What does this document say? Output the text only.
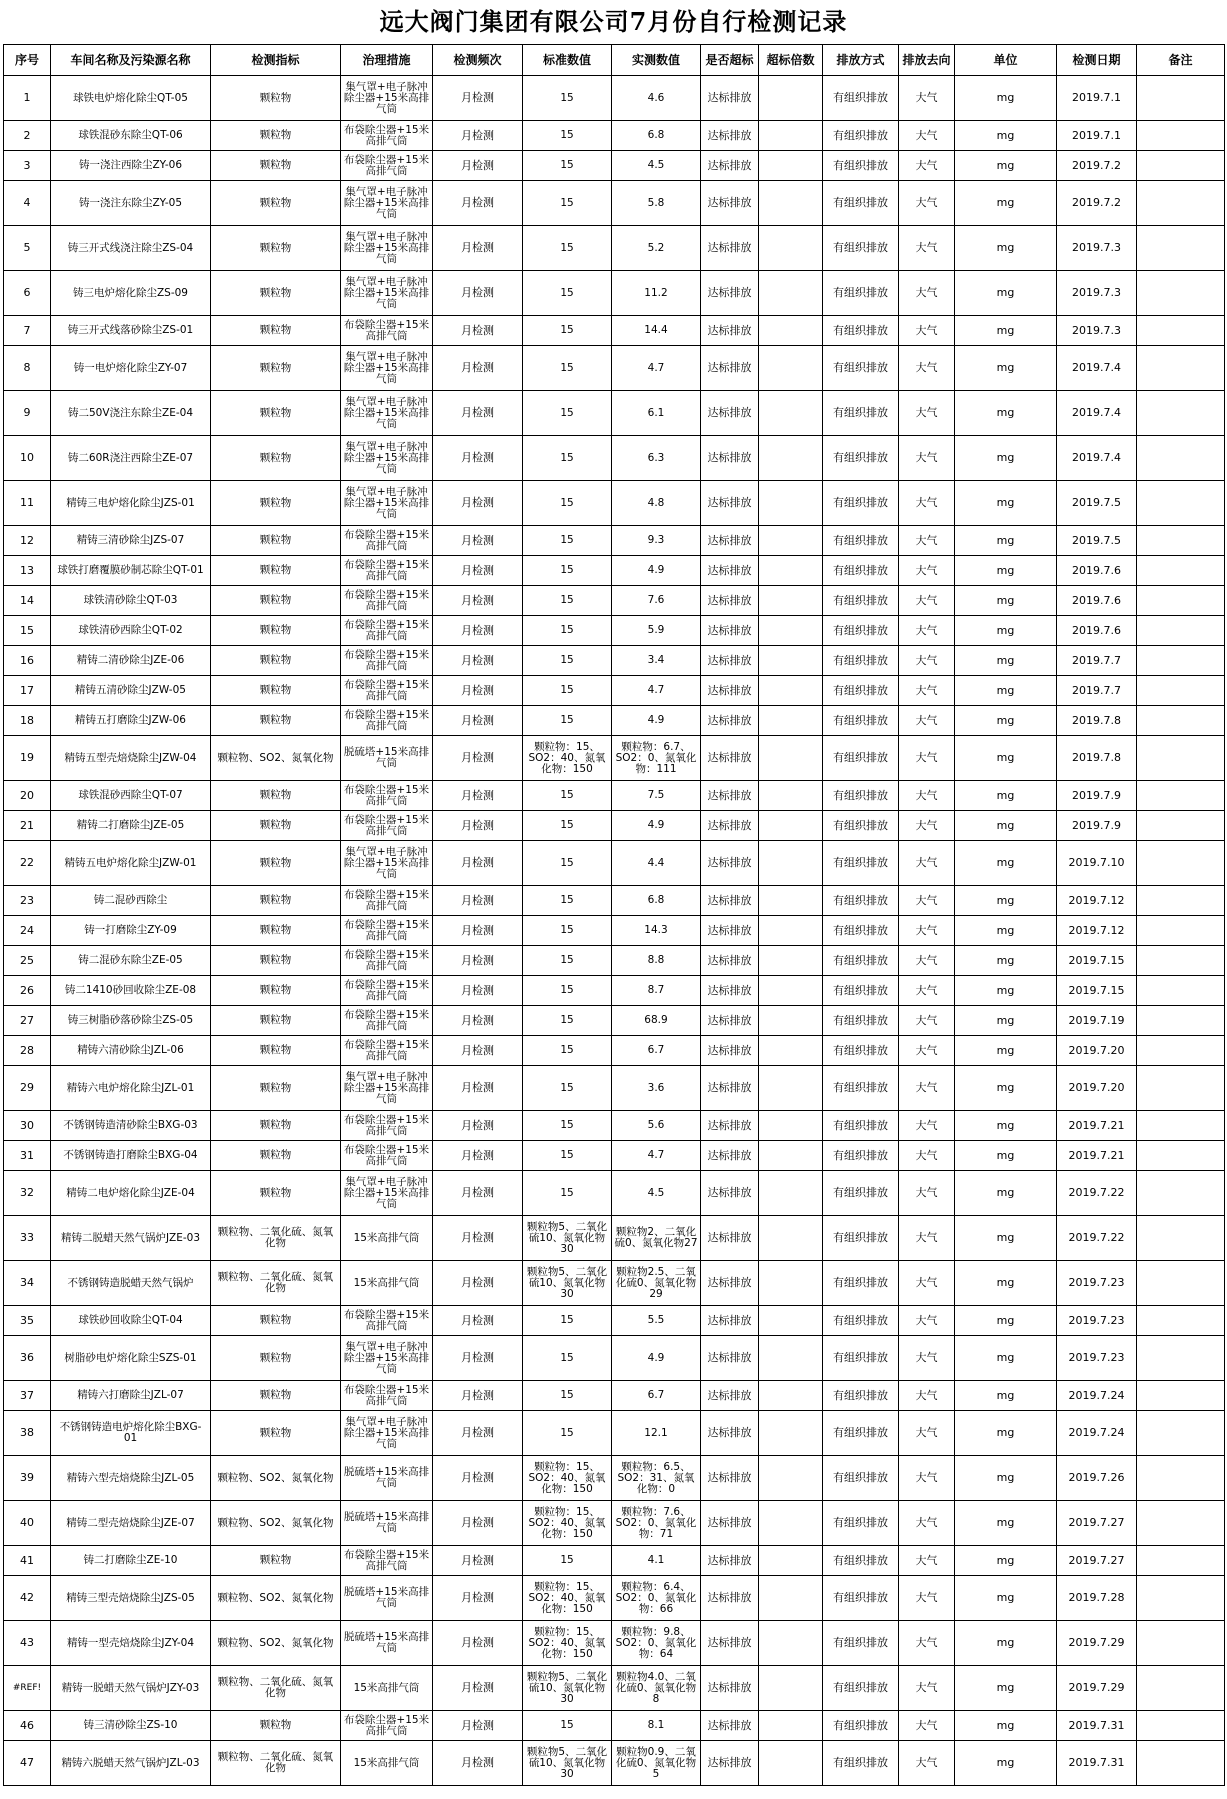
远大阀门集团有限公司7月份自行检测记录
序号	车间名称及污染源名称	检测指标	治理措施	检测频次	标准数值	实测数值	是否超标	超标倍数	排放方式	排放去向	单位	检测日期	备注
1	球铁电炉熔化除尘QT-05	颗粒物	集气罩+电子脉冲除尘器+15米高排气筒	月检测	15	4.6	达标排放		有组织排放	大气	mg	2019.7.1	
2	球铁混砂东除尘QT-06	颗粒物	布袋除尘器+15米高排气筒	月检测	15	6.8	达标排放		有组织排放	大气	mg	2019.7.1	
3	铸一浇注西除尘ZY-06	颗粒物	布袋除尘器+15米高排气筒	月检测	15	4.5	达标排放		有组织排放	大气	mg	2019.7.2	
4	铸一浇注东除尘ZY-05	颗粒物	集气罩+电子脉冲除尘器+15米高排气筒	月检测	15	5.8	达标排放		有组织排放	大气	mg	2019.7.2	
5	铸三开式线浇注除尘ZS-04	颗粒物	集气罩+电子脉冲除尘器+15米高排气筒	月检测	15	5.2	达标排放		有组织排放	大气	mg	2019.7.3	
6	铸三电炉熔化除尘ZS-09	颗粒物	集气罩+电子脉冲除尘器+15米高排气筒	月检测	15	11.2	达标排放		有组织排放	大气	mg	2019.7.3	
7	铸三开式线落砂除尘ZS-01	颗粒物	布袋除尘器+15米高排气筒	月检测	15	14.4	达标排放		有组织排放	大气	mg	2019.7.3	
8	铸一电炉熔化除尘ZY-07	颗粒物	集气罩+电子脉冲除尘器+15米高排气筒	月检测	15	4.7	达标排放		有组织排放	大气	mg	2019.7.4	
9	铸二50V浇注东除尘ZE-04	颗粒物	集气罩+电子脉冲除尘器+15米高排气筒	月检测	15	6.1	达标排放		有组织排放	大气	mg	2019.7.4	
10	铸二60R浇注西除尘ZE-07	颗粒物	集气罩+电子脉冲除尘器+15米高排气筒	月检测	15	6.3	达标排放		有组织排放	大气	mg	2019.7.4	
11	精铸三电炉熔化除尘JZS-01	颗粒物	集气罩+电子脉冲除尘器+15米高排气筒	月检测	15	4.8	达标排放		有组织排放	大气	mg	2019.7.5	
12	精铸三清砂除尘JZS-07	颗粒物	布袋除尘器+15米高排气筒	月检测	15	9.3	达标排放		有组织排放	大气	mg	2019.7.5	
13	球铁打磨覆膜砂制芯除尘QT-01	颗粒物	布袋除尘器+15米高排气筒	月检测	15	4.9	达标排放		有组织排放	大气	mg	2019.7.6	
14	球铁清砂除尘QT-03	颗粒物	布袋除尘器+15米高排气筒	月检测	15	7.6	达标排放		有组织排放	大气	mg	2019.7.6	
15	球铁清砂西除尘QT-02	颗粒物	布袋除尘器+15米高排气筒	月检测	15	5.9	达标排放		有组织排放	大气	mg	2019.7.6	
16	精铸二清砂除尘JZE-06	颗粒物	布袋除尘器+15米高排气筒	月检测	15	3.4	达标排放		有组织排放	大气	mg	2019.7.7	
17	精铸五清砂除尘JZW-05	颗粒物	布袋除尘器+15米高排气筒	月检测	15	4.7	达标排放		有组织排放	大气	mg	2019.7.7	
18	精铸五打磨除尘JZW-06	颗粒物	布袋除尘器+15米高排气筒	月检测	15	4.9	达标排放		有组织排放	大气	mg	2019.7.8	
19	精铸五型壳焙烧除尘JZW-04	颗粒物、SO2、氮氧化物	脱硫塔+15米高排气筒	月检测	颗粒物：15、SO2：40、氮氧化物：150	颗粒物：6.7、SO2：0、氮氧化物：111	达标排放		有组织排放	大气	mg	2019.7.8	
20	球铁混砂西除尘QT-07	颗粒物	布袋除尘器+15米高排气筒	月检测	15	7.5	达标排放		有组织排放	大气	mg	2019.7.9	
21	精铸二打磨除尘JZE-05	颗粒物	布袋除尘器+15米高排气筒	月检测	15	4.9	达标排放		有组织排放	大气	mg	2019.7.9	
22	精铸五电炉熔化除尘JZW-01	颗粒物	集气罩+电子脉冲除尘器+15米高排气筒	月检测	15	4.4	达标排放		有组织排放	大气	mg	2019.7.10	
23	铸二混砂西除尘	颗粒物	布袋除尘器+15米高排气筒	月检测	15	6.8	达标排放		有组织排放	大气	mg	2019.7.12	
24	铸一打磨除尘ZY-09	颗粒物	布袋除尘器+15米高排气筒	月检测	15	14.3	达标排放		有组织排放	大气	mg	2019.7.12	
25	铸二混砂东除尘ZE-05	颗粒物	布袋除尘器+15米高排气筒	月检测	15	8.8	达标排放		有组织排放	大气	mg	2019.7.15	
26	铸二1410砂回收除尘ZE-08	颗粒物	布袋除尘器+15米高排气筒	月检测	15	8.7	达标排放		有组织排放	大气	mg	2019.7.15	
27	铸三树脂砂落砂除尘ZS-05	颗粒物	布袋除尘器+15米高排气筒	月检测	15	68.9	达标排放		有组织排放	大气	mg	2019.7.19	
28	精铸六清砂除尘JZL-06	颗粒物	布袋除尘器+15米高排气筒	月检测	15	6.7	达标排放		有组织排放	大气	mg	2019.7.20	
29	精铸六电炉熔化除尘JZL-01	颗粒物	集气罩+电子脉冲除尘器+15米高排气筒	月检测	15	3.6	达标排放		有组织排放	大气	mg	2019.7.20	
30	不锈钢铸造清砂除尘BXG-03	颗粒物	布袋除尘器+15米高排气筒	月检测	15	5.6	达标排放		有组织排放	大气	mg	2019.7.21	
31	不锈钢铸造打磨除尘BXG-04	颗粒物	布袋除尘器+15米高排气筒	月检测	15	4.7	达标排放		有组织排放	大气	mg	2019.7.21	
32	精铸二电炉熔化除尘JZE-04	颗粒物	集气罩+电子脉冲除尘器+15米高排气筒	月检测	15	4.5	达标排放		有组织排放	大气	mg	2019.7.22	
33	精铸二脱蜡天然气锅炉JZE-03	颗粒物、二氧化硫、氮氧化物	15米高排气筒	月检测	颗粒物5、二氧化硫10、氮氧化物30	颗粒物2、二氧化硫0、氮氧化物27	达标排放		有组织排放	大气	mg	2019.7.22	
34	不锈钢铸造脱蜡天然气锅炉	颗粒物、二氧化硫、氮氧化物	15米高排气筒	月检测	颗粒物5、二氧化硫10、氮氧化物30	颗粒物2.5、二氧化硫0、氮氧化物29	达标排放		有组织排放	大气	mg	2019.7.23	
35	球铁砂回收除尘QT-04	颗粒物	布袋除尘器+15米高排气筒	月检测	15	5.5	达标排放		有组织排放	大气	mg	2019.7.23	
36	树脂砂电炉熔化除尘SZS-01	颗粒物	集气罩+电子脉冲除尘器+15米高排气筒	月检测	15	4.9	达标排放		有组织排放	大气	mg	2019.7.23	
37	精铸六打磨除尘JZL-07	颗粒物	布袋除尘器+15米高排气筒	月检测	15	6.7	达标排放		有组织排放	大气	mg	2019.7.24	
38	不锈钢铸造电炉熔化除尘BXG-01	颗粒物	集气罩+电子脉冲除尘器+15米高排气筒	月检测	15	12.1	达标排放		有组织排放	大气	mg	2019.7.24	
39	精铸六型壳焙烧除尘JZL-05	颗粒物、SO2、氮氧化物	脱硫塔+15米高排气筒	月检测	颗粒物：15、SO2：40、氮氧化物：150	颗粒物：6.5、SO2：31、氮氧化物：0	达标排放		有组织排放	大气	mg	2019.7.26	
40	精铸二型壳焙烧除尘JZE-07	颗粒物、SO2、氮氧化物	脱硫塔+15米高排气筒	月检测	颗粒物：15、SO2：40、氮氧化物：150	颗粒物：7.6、SO2：0、氮氧化物：71	达标排放		有组织排放	大气	mg	2019.7.27	
41	铸二打磨除尘ZE-10	颗粒物	布袋除尘器+15米高排气筒	月检测	15	4.1	达标排放		有组织排放	大气	mg	2019.7.27	
42	精铸三型壳焙烧除尘JZS-05	颗粒物、SO2、氮氧化物	脱硫塔+15米高排气筒	月检测	颗粒物：15、SO2：40、氮氧化物：150	颗粒物：6.4、SO2：0、氮氧化物：66	达标排放		有组织排放	大气	mg	2019.7.28	
43	精铸一型壳焙烧除尘JZY-04	颗粒物、SO2、氮氧化物	脱硫塔+15米高排气筒	月检测	颗粒物：15、SO2：40、氮氧化物：150	颗粒物：9.8、SO2：0、氮氧化物：64	达标排放		有组织排放	大气	mg	2019.7.29	
#REF!	精铸一脱蜡天然气锅炉JZY-03	颗粒物、二氧化硫、氮氧化物	15米高排气筒	月检测	颗粒物5、二氧化硫10、氮氧化物30	颗粒物4.0、二氧化硫0、氮氧化物8	达标排放		有组织排放	大气	mg	2019.7.29	
46	铸三清砂除尘ZS-10	颗粒物	布袋除尘器+15米高排气筒	月检测	15	8.1	达标排放		有组织排放	大气	mg	2019.7.31	
47	精铸六脱蜡天然气锅炉JZL-03	颗粒物、二氧化硫、氮氧化物	15米高排气筒	月检测	颗粒物5、二氧化硫10、氮氧化物30	颗粒物0.9、二氧化硫0、氮氧化物5	达标排放		有组织排放	大气	mg	2019.7.31	
